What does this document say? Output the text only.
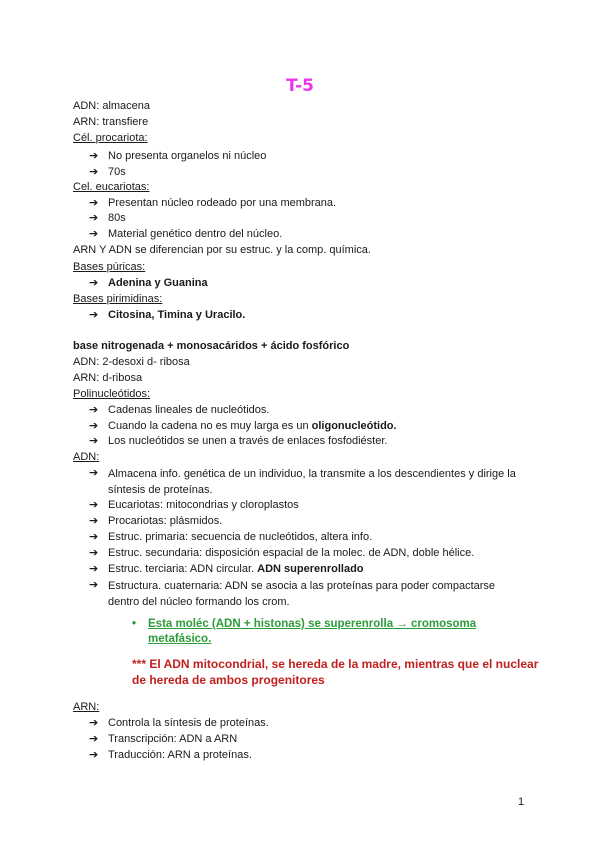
T-5
ADN: almacena
ARN: transfiere
Cél. procariota:
➔ No presenta organelos ni núcleo
➔ 70s
Cel. eucariotas:
➔ Presentan núcleo rodeado por una membrana.
➔ 80s
➔ Material genético dentro del núcleo.
ARN Y ADN se diferencian por su estruc. y la comp. química.
Bases púricas:
➔ Adenina y Guanina
Bases pirimidinas:
➔ Citosina, Timina y Uracilo.
base nitrogenada + monosacáridos + ácido fosfórico
ADN: 2-desoxi d- ribosa
ARN: d-ribosa
Polinucleótidos:
➔ Cadenas lineales de nucleótidos.
➔ Cuando la cadena no es muy larga es un oligonucleótido.
➔ Los nucleótidos se unen a través de enlaces fosfodiéster.
ADN:
➔ Almacena info. genética de un individuo, la transmite a los descendientes y dirige la síntesis de proteínas.
➔ Eucariotas: mitocondrias y cloroplastos
➔ Procariotas: plásmidos.
➔ Estruc. primaria: secuencia de nucleótidos, altera info.
➔ Estruc. secundaria: disposición espacial de la molec. de ADN, doble hélice.
➔ Estruc. terciaria: ADN circular. ADN superenrollado
➔ Estructura. cuaternaria: ADN se asocia a las proteínas para poder compactarse dentro del núcleo formando los crom.
•	Esta moléc (ADN + histonas) se superenrolla → cromosoma metafásico.
*** El ADN mitocondrial, se hereda de la madre, mientras que el nuclear de hereda de ambos progenitores
ARN:
➔ Controla la síntesis de proteínas.
➔ Transcripción: ADN a ARN
➔ Traducción: ARN a proteínas.
1
